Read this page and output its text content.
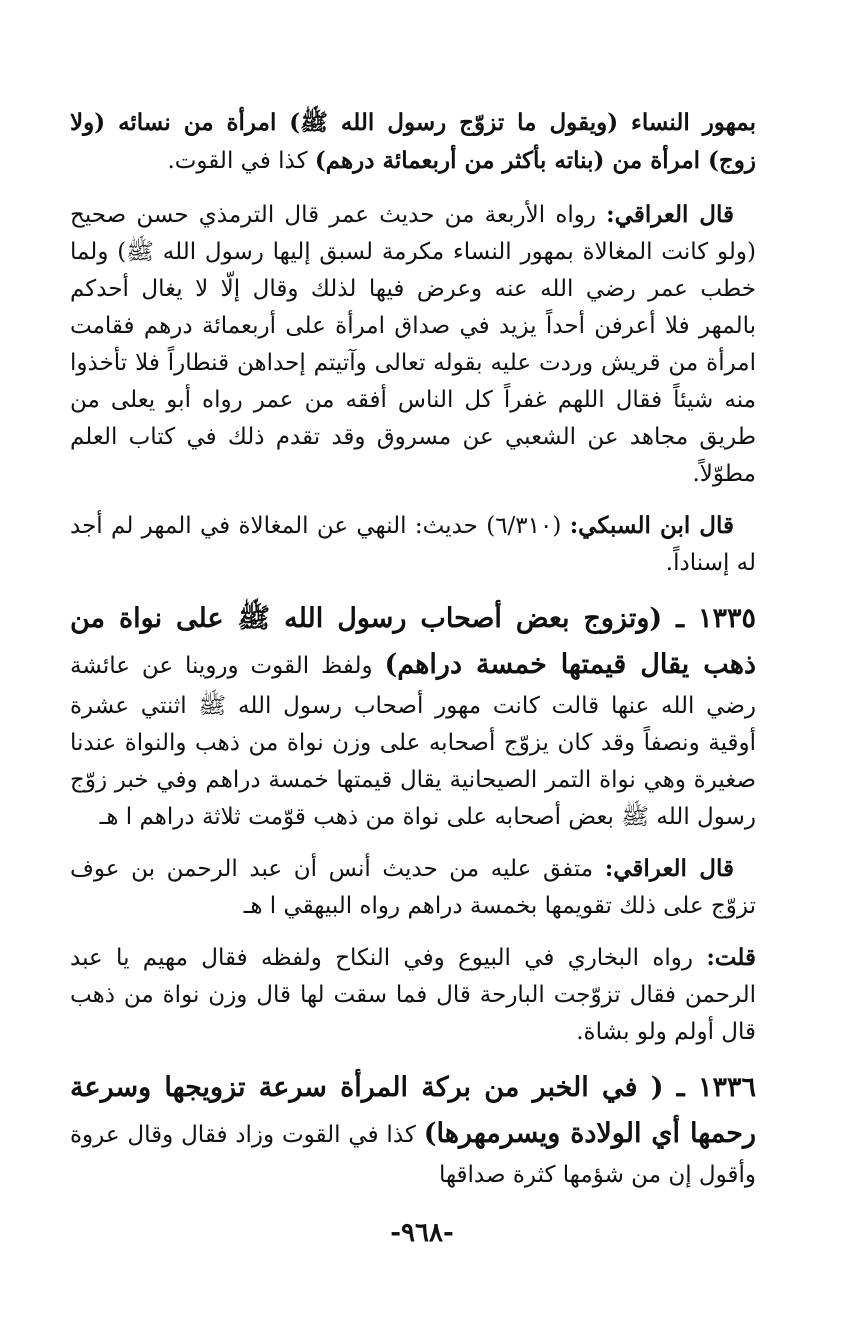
بمهور النساء (ويقول ما تزوّج رسول الله ﷺ) امرأة من نسائه (ولا زوج) امرأة من (بناته بأكثر من أربعمائة درهم) كذا في القوت.

قال العراقي: رواه الأربعة من حديث عمر قال الترمذي حسن صحيح (ولو كانت المغالاة بمهور النساء مكرمة لسبق إليها رسول الله ﷺ) ولما خطب عمر رضي الله عنه وعرض فيها لذلك وقال إلّا لا يغال أحدكم بالمهر فلا أعرفن أحداً يزيد في صداق امرأة على أربعمائة درهم فقامت امرأة من قريش وردت عليه بقوله تعالى وآتيتم إحداهن قنطاراً فلا تأخذوا منه شيئاً فقال اللهم غفراً كل الناس أفقه من عمر رواه أبو يعلى من طريق مجاهد عن الشعبي عن مسروق وقد تقدم ذلك في كتاب العلم مطوّلاً.

قال ابن السبكي: (٦/٣١٠) حديث: النهي عن المغالاة في المهر لم أجد له إسناداً.

١٣٣٥ ـ (وتزوج بعض أصحاب رسول الله ﷺ على نواة من ذهب يقال قيمتها خمسة دراهم) ولفظ القوت وروينا عن عائشة رضي الله عنها قالت كانت مهور أصحاب رسول الله ﷺ اثنتي عشرة أوقية ونصفاً وقد كان يزوّج أصحابه على وزن نواة من ذهب والنواة عندنا صغيرة وهي نواة التمر الصيحانية يقال قيمتها خمسة دراهم وفي خبر زوّج رسول الله ﷺ بعض أصحابه على نواة من ذهب قوّمت ثلاثة دراهم ا هـ

قال العراقي: متفق عليه من حديث أنس أن عبد الرحمن بن عوف تزوّج على ذلك تقويمها بخمسة دراهم رواه البيهقي ا هـ

قلت: رواه البخاري في البيوع وفي النكاح ولفظه فقال مهيم يا عبد الرحمن فقال تزوّجت البارحة قال فما سقت لها قال وزن نواة من ذهب قال أولم ولو بشاة.

١٣٣٦ ـ ( في الخبر من بركة المرأة سرعة تزويجها وسرعة رحمها أي الولادة ويسرمهرها) كذا في القوت وزاد فقال وقال عروة وأقول إن من شؤمها كثرة صداقها
-٩٦٨-
